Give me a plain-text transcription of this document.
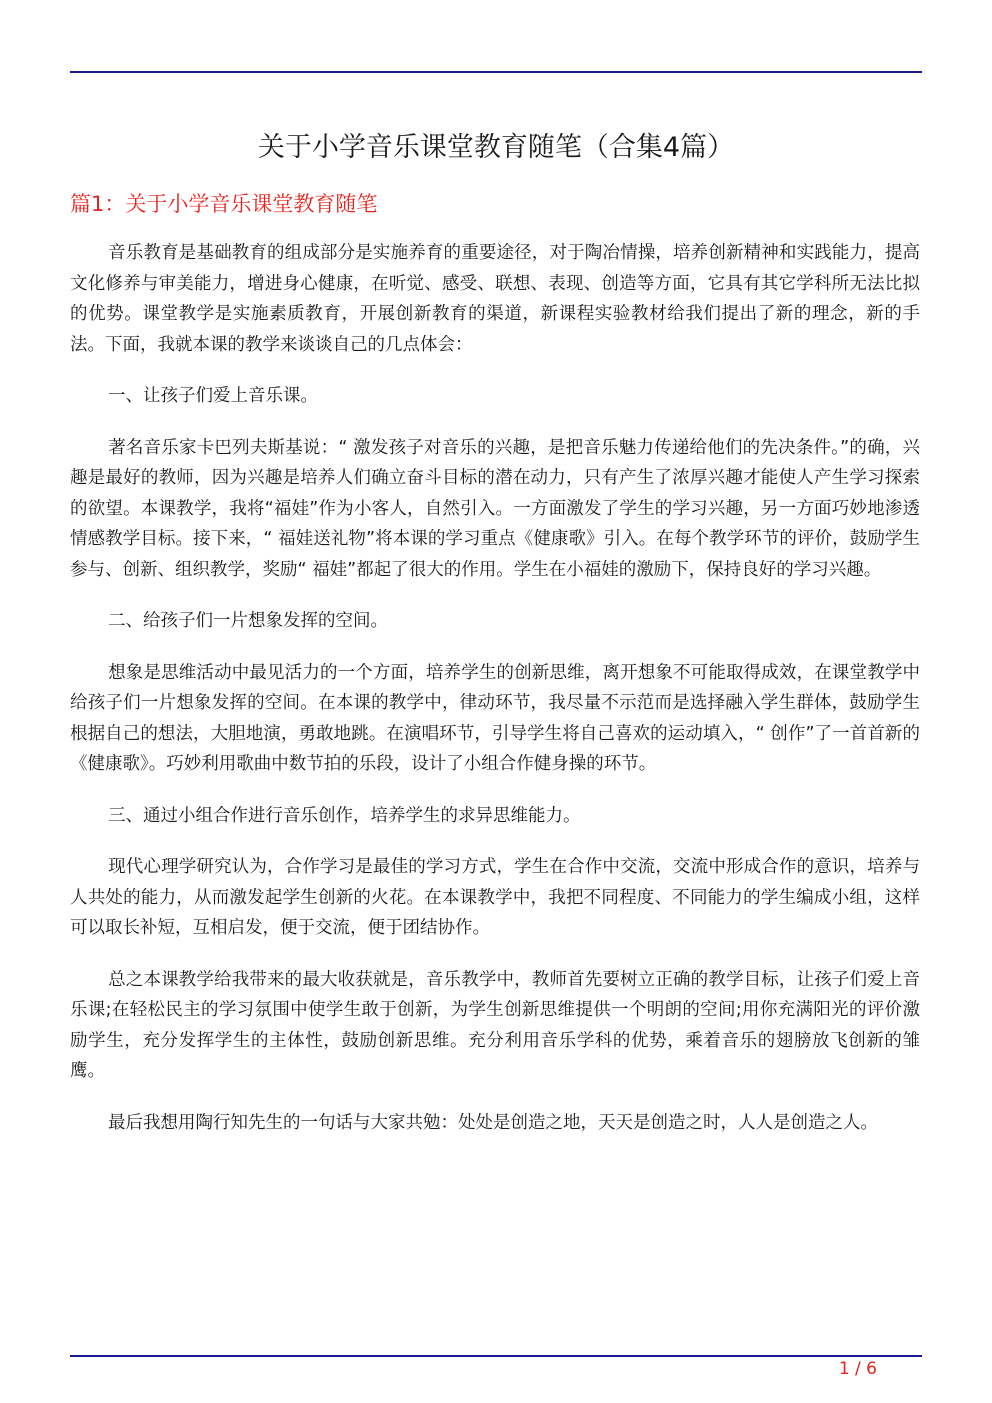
关于小学音乐课堂教育随笔（合集4篇）
篇1：关于小学音乐课堂教育随笔

音乐教育是基础教育的组成部分是实施养育的重要途径，对于陶冶情操，培养创新精神和实践能力，提高文化修养与审美能力，增进身心健康，在听觉、感受、联想、表现、创造等方面，它具有其它学科所无法比拟的优势。课堂教学是实施素质教育，开展创新教育的渠道，新课程实验教材给我们提出了新的理念，新的手法。下面，我就本课的教学来谈谈自己的几点体会：

一、让孩子们爱上音乐课。

著名音乐家卡巴列夫斯基说：“ 激发孩子对音乐的兴趣，是把音乐魅力传递给他们的先决条件。”的确，兴趣是最好的教师，因为兴趣是培养人们确立奋斗目标的潜在动力，只有产生了浓厚兴趣才能使人产生学习探索的欲望。本课教学，我将“福娃”作为小客人，自然引入。一方面激发了学生的学习兴趣，另一方面巧妙地渗透情感教学目标。接下来，“ 福娃送礼物”将本课的学习重点《健康歌》引入。在每个教学环节的评价，鼓励学生参与、创新、组织教学，奖励“ 福娃”都起了很大的作用。学生在小福娃的激励下，保持良好的学习兴趣。

二、给孩子们一片想象发挥的空间。

想象是思维活动中最见活力的一个方面，培养学生的创新思维，离开想象不可能取得成效，在课堂教学中给孩子们一片想象发挥的空间。在本课的教学中，律动环节，我尽量不示范而是选择融入学生群体，鼓励学生根据自己的想法，大胆地演，勇敢地跳。在演唱环节，引导学生将自己喜欢的运动填入，“ 创作”了一首首新的《健康歌》。巧妙利用歌曲中数节拍的乐段，设计了小组合作健身操的环节。

三、通过小组合作进行音乐创作，培养学生的求异思维能力。

现代心理学研究认为，合作学习是最佳的学习方式，学生在合作中交流，交流中形成合作的意识，培养与人共处的能力，从而激发起学生创新的火花。在本课教学中，我把不同程度、不同能力的学生编成小组，这样可以取长补短，互相启发，便于交流，便于团结协作。

总之本课教学给我带来的最大收获就是，音乐教学中，教师首先要树立正确的教学目标，让孩子们爱上音乐课;在轻松民主的学习氛围中使学生敢于创新，为学生创新思维提供一个明朗的空间;用你充满阳光的评价激励学生，充分发挥学生的主体性，鼓励创新思维。充分利用音乐学科的优势，乘着音乐的翅膀放飞创新的雏鹰。

最后我想用陶行知先生的一句话与大家共勉：处处是创造之地，天天是创造之时，人人是创造之人。

1 / 6
